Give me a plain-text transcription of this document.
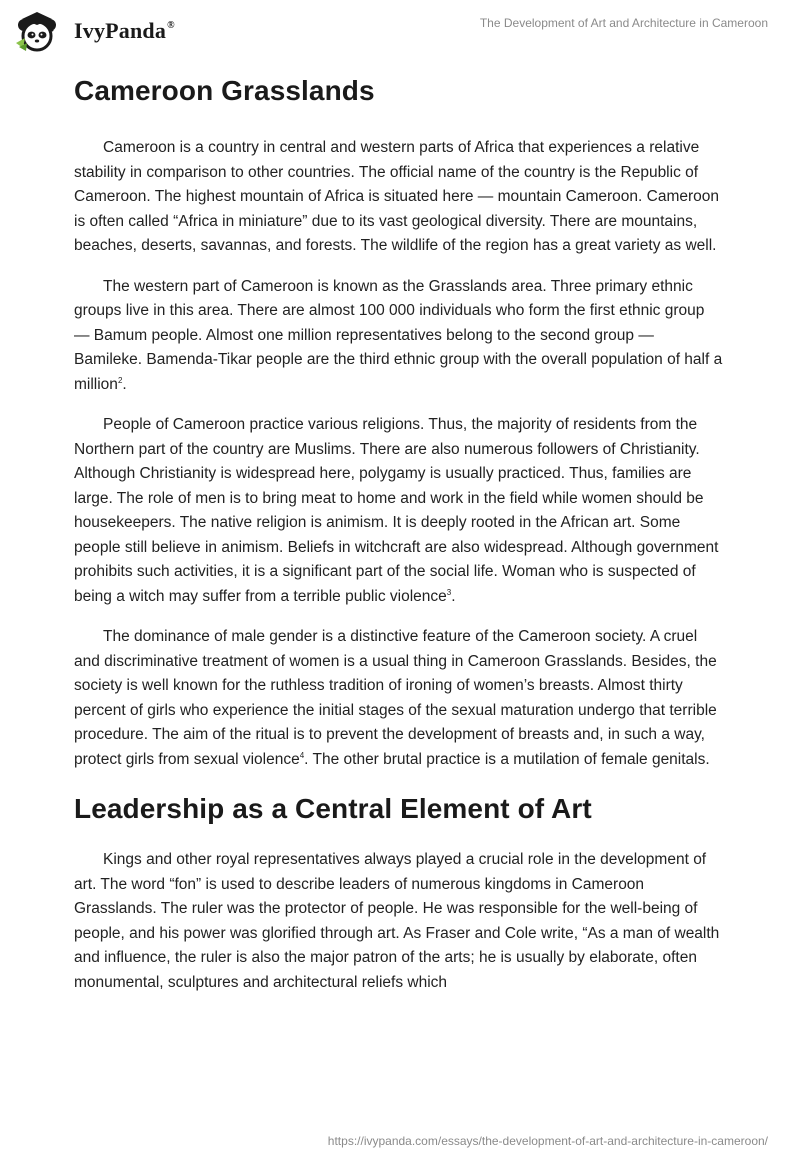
IvyPanda®	The Development of Art and Architecture in Cameroon
Cameroon Grasslands

Cameroon is a country in central and western parts of Africa that experiences a relative stability in comparison to other countries. The official name of the country is the Republic of Cameroon. The highest mountain of Africa is situated here — mountain Cameroon. Cameroon is often called “Africa in miniature” due to its vast geological diversity. There are mountains, beaches, deserts, savannas, and forests. The wildlife of the region has a great variety as well.

The western part of Cameroon is known as the Grasslands area. Three primary ethnic groups live in this area. There are almost 100 000 individuals who form the first ethnic group — Bamum people. Almost one million representatives belong to the second group — Bamileke. Bamenda-Tikar people are the third ethnic group with the overall population of half a million$^2$.

People of Cameroon practice various religions. Thus, the majority of residents from the Northern part of the country are Muslims. There are also numerous followers of Christianity. Although Christianity is widespread here, polygamy is usually practiced. Thus, families are large. The role of men is to bring meat to home and work in the field while women should be housekeepers. The native religion is animism. It is deeply rooted in the African art. Some people still believe in animism. Beliefs in witchcraft are also widespread. Although government prohibits such activities, it is a significant part of the social life. Woman who is suspected of being a witch may suffer from a terrible public violence$^3$.

The dominance of male gender is a distinctive feature of the Cameroon society. A cruel and discriminative treatment of women is a usual thing in Cameroon Grasslands. Besides, the society is well known for the ruthless tradition of ironing of women’s breasts. Almost thirty percent of girls who experience the initial stages of the sexual maturation undergo that terrible procedure. The aim of the ritual is to prevent the development of breasts and, in such a way, protect girls from sexual violence$^4$. The other brutal practice is a mutilation of female genitals.

Leadership as a Central Element of Art

Kings and other royal representatives always played a crucial role in the development of art. The word “fon” is used to describe leaders of numerous kingdoms in Cameroon Grasslands. The ruler was the protector of people. He was responsible for the well-being of people, and his power was glorified through art. As Fraser and Cole write, “As a man of wealth and influence, the ruler is also the major patron of the arts; he is usually by elaborate, often monumental, sculptures and architectural reliefs which

https://ivypanda.com/essays/the-development-of-art-and-architecture-in-cameroon/
